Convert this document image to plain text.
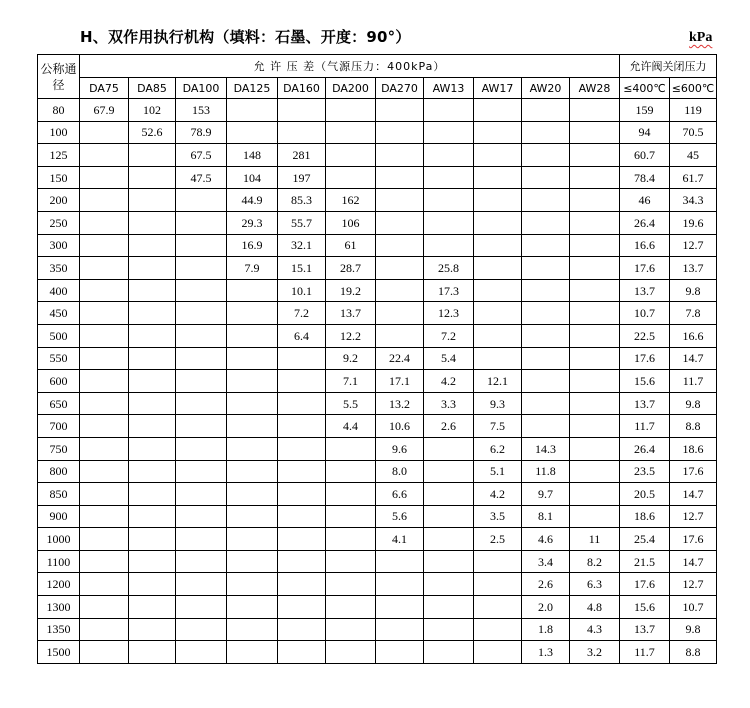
H、双作用执行机构（填料：石墨、开度：90°）	kPa
公称通径	允 许 压 差（气源压力：400kPa）											允许阀关闭压力	
	DA75	DA85	DA100	DA125	DA160	DA200	DA270	AW13	AW17	AW20	AW28	≤400℃	≤600℃
80	67.9	102	153									159	119
100		52.6	78.9									94	70.5
125			67.5	148	281							60.7	45
150			47.5	104	197							78.4	61.7
200				44.9	85.3	162						46	34.3
250				29.3	55.7	106						26.4	19.6
300				16.9	32.1	61						16.6	12.7
350				7.9	15.1	28.7		25.8				17.6	13.7
400					10.1	19.2		17.3				13.7	9.8
450					7.2	13.7		12.3				10.7	7.8
500					6.4	12.2		7.2				22.5	16.6
550						9.2	22.4	5.4				17.6	14.7
600						7.1	17.1	4.2	12.1			15.6	11.7
650						5.5	13.2	3.3	9.3			13.7	9.8
700						4.4	10.6	2.6	7.5			11.7	8.8
750							9.6		6.2	14.3		26.4	18.6
800							8.0		5.1	11.8		23.5	17.6
850							6.6		4.2	9.7		20.5	14.7
900							5.6		3.5	8.1		18.6	12.7
1000							4.1		2.5	4.6	11	25.4	17.6
1100										3.4	8.2	21.5	14.7
1200										2.6	6.3	17.6	12.7
1300										2.0	4.8	15.6	10.7
1350										1.8	4.3	13.7	9.8
1500										1.3	3.2	11.7	8.8
